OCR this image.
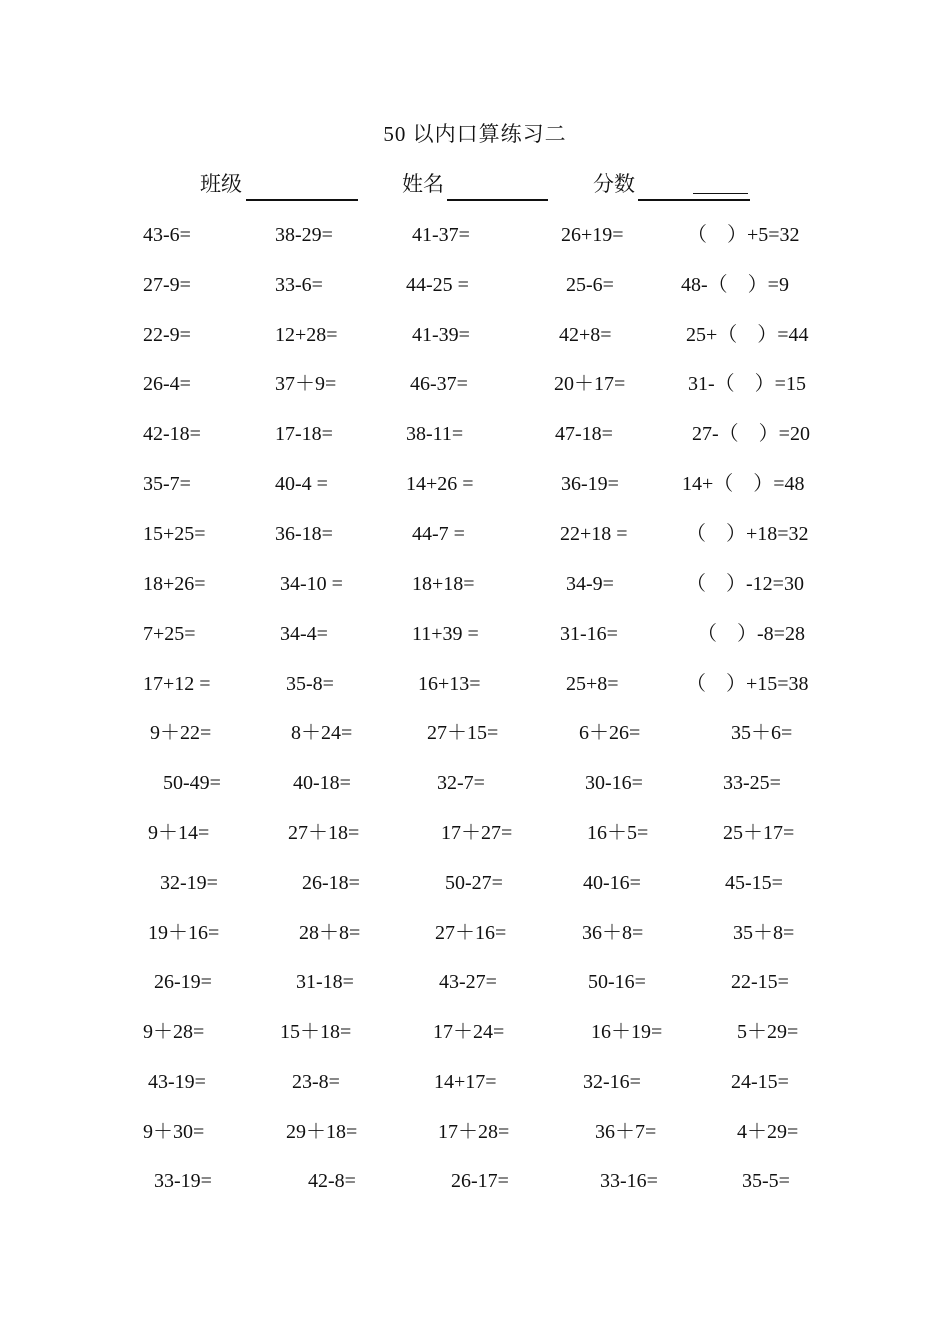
50 以内口算练习二
班级	姓名	分数
43-6=	38-29=	41-37=	26+19=	（    ）+5=32
27-9=	33-6=	44-25 =	25-6=	48-（    ）=9
22-9=	12+28=	41-39=	42+8=	25+（    ）=44
26-4=	37＋9=	46-37=	20＋17=	31-（    ）=15
42-18=	17-18=	38-11=	47-18=	27-（    ）=20
35-7=	40-4 =	14+26 =	36-19=	14+（    ）=48
15+25=	36-18=	44-7 =	22+18 =	（    ）+18=32
18+26=	34-10 =	18+18=	34-9=	（    ）-12=30
7+25=	34-4=	11+39 =	31-16=	（    ）-8=28
17+12 =	35-8=	16+13=	25+8=	（    ）+15=38
9＋22=	8＋24=	27＋15=	6＋26=	35＋6=
50-49=	40-18=	32-7=	30-16=	33-25=
9＋14=	27＋18=	17＋27=	16＋5=	25＋17=
32-19=	26-18=	50-27=	40-16=	45-15=
19＋16=	28＋8=	27＋16=	36＋8=	35＋8=
26-19=	31-18=	43-27=	50-16=	22-15=
9＋28=	15＋18=	17＋24=	16＋19=	5＋29=
43-19=	23-8=	14+17=	32-16=	24-15=
9＋30=	29＋18=	17＋28=	36＋7=	4＋29=
33-19=	42-8=	26-17=	33-16=	35-5=
